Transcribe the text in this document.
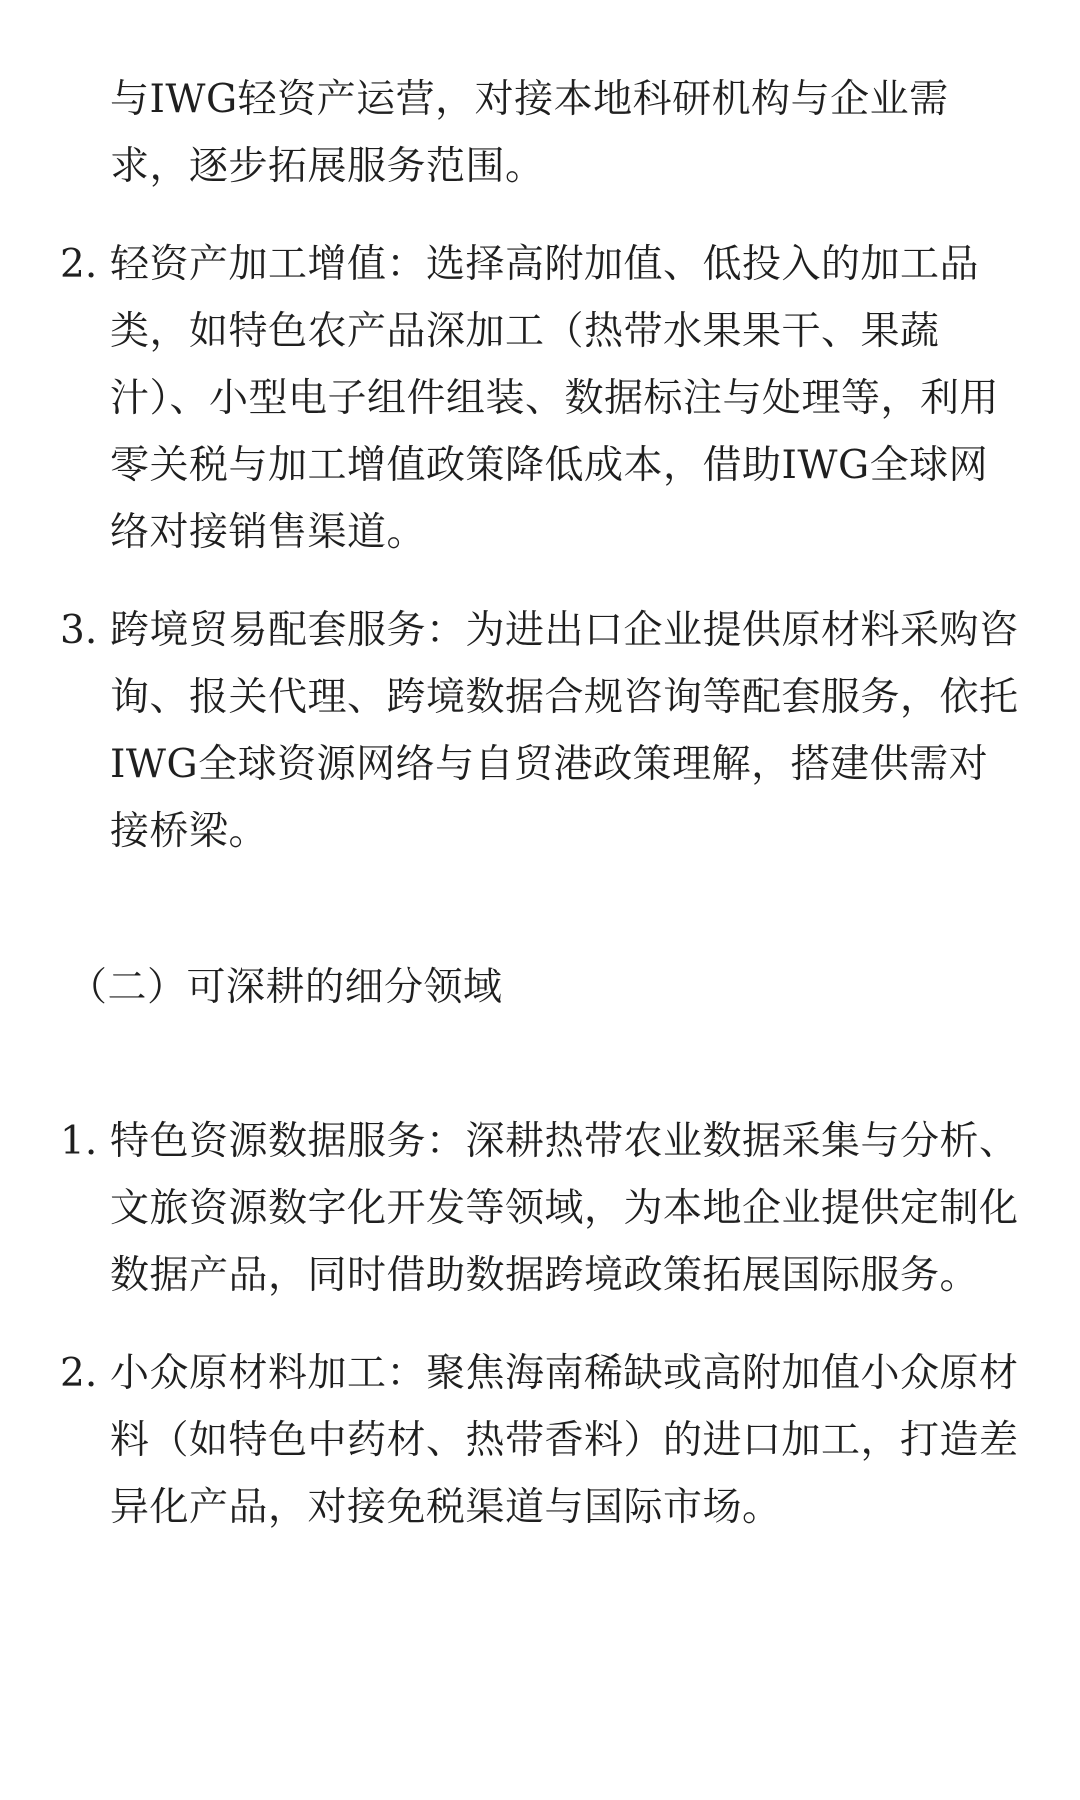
与IWG轻资产运营，对接本地科研机构与企业需求，逐步拓展服务范围。

2. 轻资产加工增值：选择高附加值、低投入的加工品类，如特色农产品深加工（热带水果果干、果蔬汁）、小型电子组件组装、数据标注与处理等，利用零关税与加工增值政策降低成本，借助IWG全球网络对接销售渠道。

3. 跨境贸易配套服务：为进出口企业提供原材料采购咨询、报关代理、跨境数据合规咨询等配套服务，依托IWG全球资源网络与自贸港政策理解，搭建供需对接桥梁。

（二）可深耕的细分领域
1. 特色资源数据服务：深耕热带农业数据采集与分析、文旅资源数字化开发等领域，为本地企业提供定制化数据产品，同时借助数据跨境政策拓展国际服务。

2. 小众原材料加工：聚焦海南稀缺或高附加值小众原材料（如特色中药材、热带香料）的进口加工，打造差异化产品，对接免税渠道与国际市场。
